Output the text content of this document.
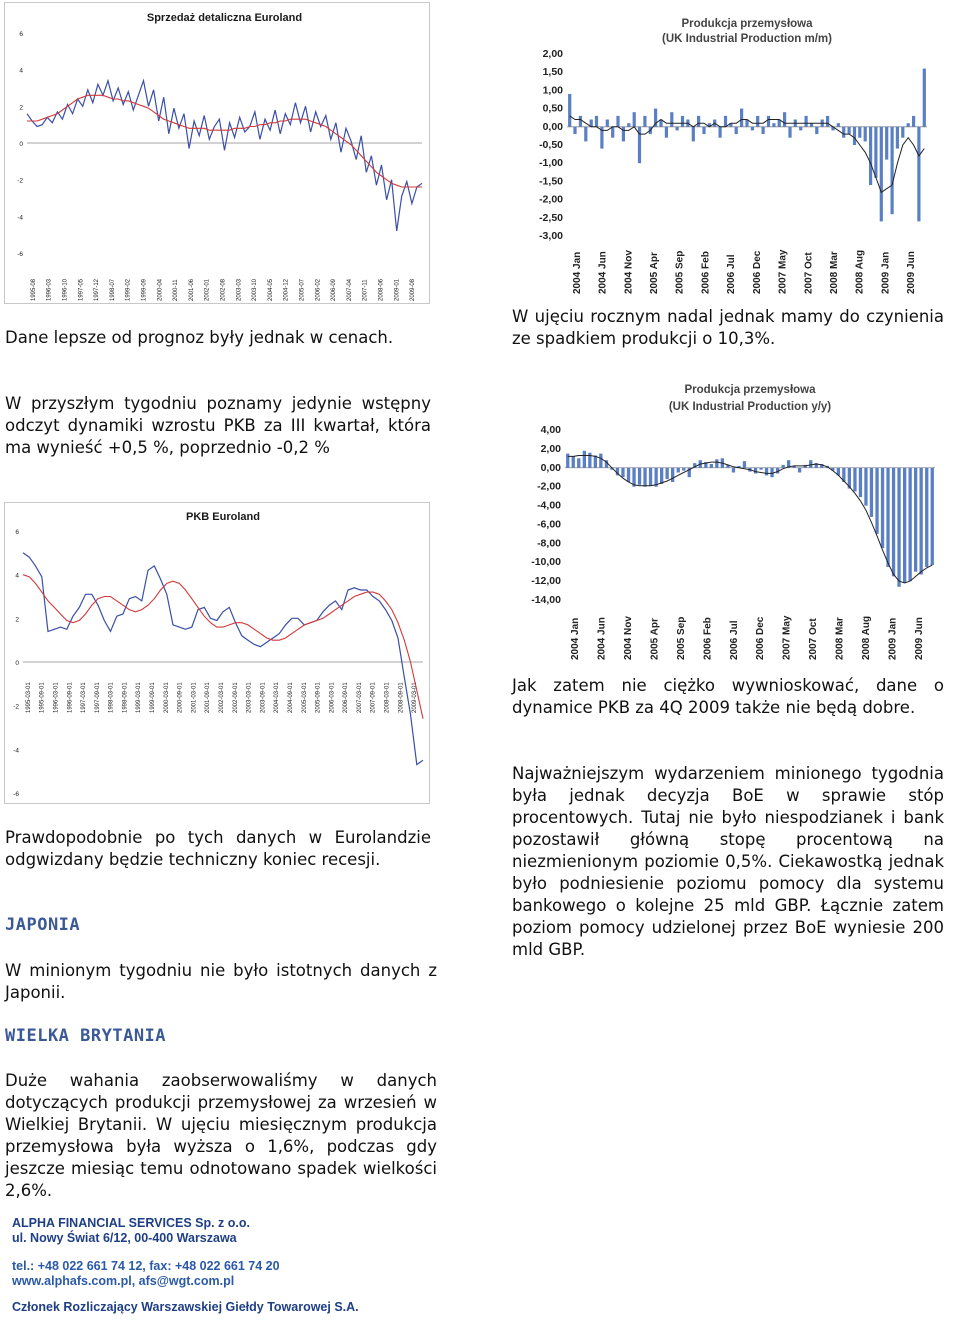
Sprzedaż detaliczna Euroland
6
4
2
0
-2
-4
-6
1995-08 1996-03 1996-10 1997-05 1997-12 1998-07 1999-02 1999-09 2000-04 2000-11 2001-06 2002-01 2002-08 2003-03 2003-10 2004-05 2004-12 2005-07 2006-02 2006-09 2007-04 2007-11 2008-06 2009-01 2009-08
Produkcja przemysłowa
(UK Industrial Production m/m)
2,00
1,50
1,00
0,50
0,00
-0,50
-1,00
-1,50
-2,00
-2,50
-3,00
2004 Jan 2004 Jun 2004 Nov 2005 Apr 2005 Sep 2006 Feb 2006 Jul 2006 Dec 2007 May 2007 Oct 2008 Mar 2008 Aug 2009 Jan 2009 Jun
Dane lepsze od prognoz były jednak w cenach.
W przyszłym tygodniu poznamy jedynie wstępny odczyt dynamiki wzrostu PKB za III kwartał, która ma wynieść +0,5 %, poprzednio -0,2 %
W ujęciu rocznym nadal jednak mamy do czynienia ze spadkiem produkcji o 10,3%.
Produkcja przemysłowa
(UK Industrial Production y/y)
4,00
2,00
0,00
-2,00
-4,00
-6,00
-8,00
-10,00
-12,00
-14,00
2004 Jan 2004 Jun 2004 Nov 2005 Apr 2005 Sep 2006 Feb 2006 Jul 2006 Dec 2007 May 2007 Oct 2008 Mar 2008 Aug 2009 Jan 2009 Jun
PKB Euroland
6
4
2
0
-2
-4
-6
1995-03-01 1995-09-01 1996-03-01 1996-09-01 1997-03-01 1997-09-01 1998-03-01 1998-09-01 1999-03-01 1999-09-01 2000-03-01 2000-09-01 2001-03-01 2001-09-01 2002-03-01 2002-09-01 2003-03-01 2003-09-01 2004-03-01 2004-09-01 2005-03-01 2005-09-01 2006-03-01 2006-09-01 2007-03-01 2007-09-01 2008-03-01 2008-09-01 2009-03-01	Jak zatem nie ciężko wywnioskować, dane o dynamice PKB za 4Q 2009 także nie będą dobre.
Najważniejszym wydarzeniem minionego tygodnia była jednak decyzja BoE w sprawie stóp procentowych. Tutaj nie było niespodzianek i bank pozostawił główną stopę procentową na niezmienionym poziomie 0,5%. Ciekawostką jednak było podniesienie poziomu pomocy dla systemu bankowego o kolejne 25 mld GBP. Łącznie zatem poziom pomocy udzielonej przez BoE wyniesie 200 mld GBP.
Prawdopodobnie po tych danych w Eurolandzie odgwizdany będzie techniczny koniec recesji.
JAPONIA
W minionym tygodniu nie było istotnych danych z Japonii.
WIELKA BRYTANIA
Duże wahania zaobserwowaliśmy w danych dotyczących produkcji przemysłowej za wrzesień w Wielkiej Brytanii. W ujęciu miesięcznym produkcja przemysłowa była wyższa o 1,6%, podczas gdy jeszcze miesiąc temu odnotowano spadek wielkości 2,6%.
ALPHA FINANCIAL SERVICES Sp. z o.o.
ul. Nowy Świat 6/12, 00-400 Warszawa
tel.: +48 022 661 74 12, fax: +48 022 661 74 20
www.alphafs.com.pl, afs@wgt.com.pl
Członek Rozliczający Warszawskiej Giełdy Towarowej S.A.
